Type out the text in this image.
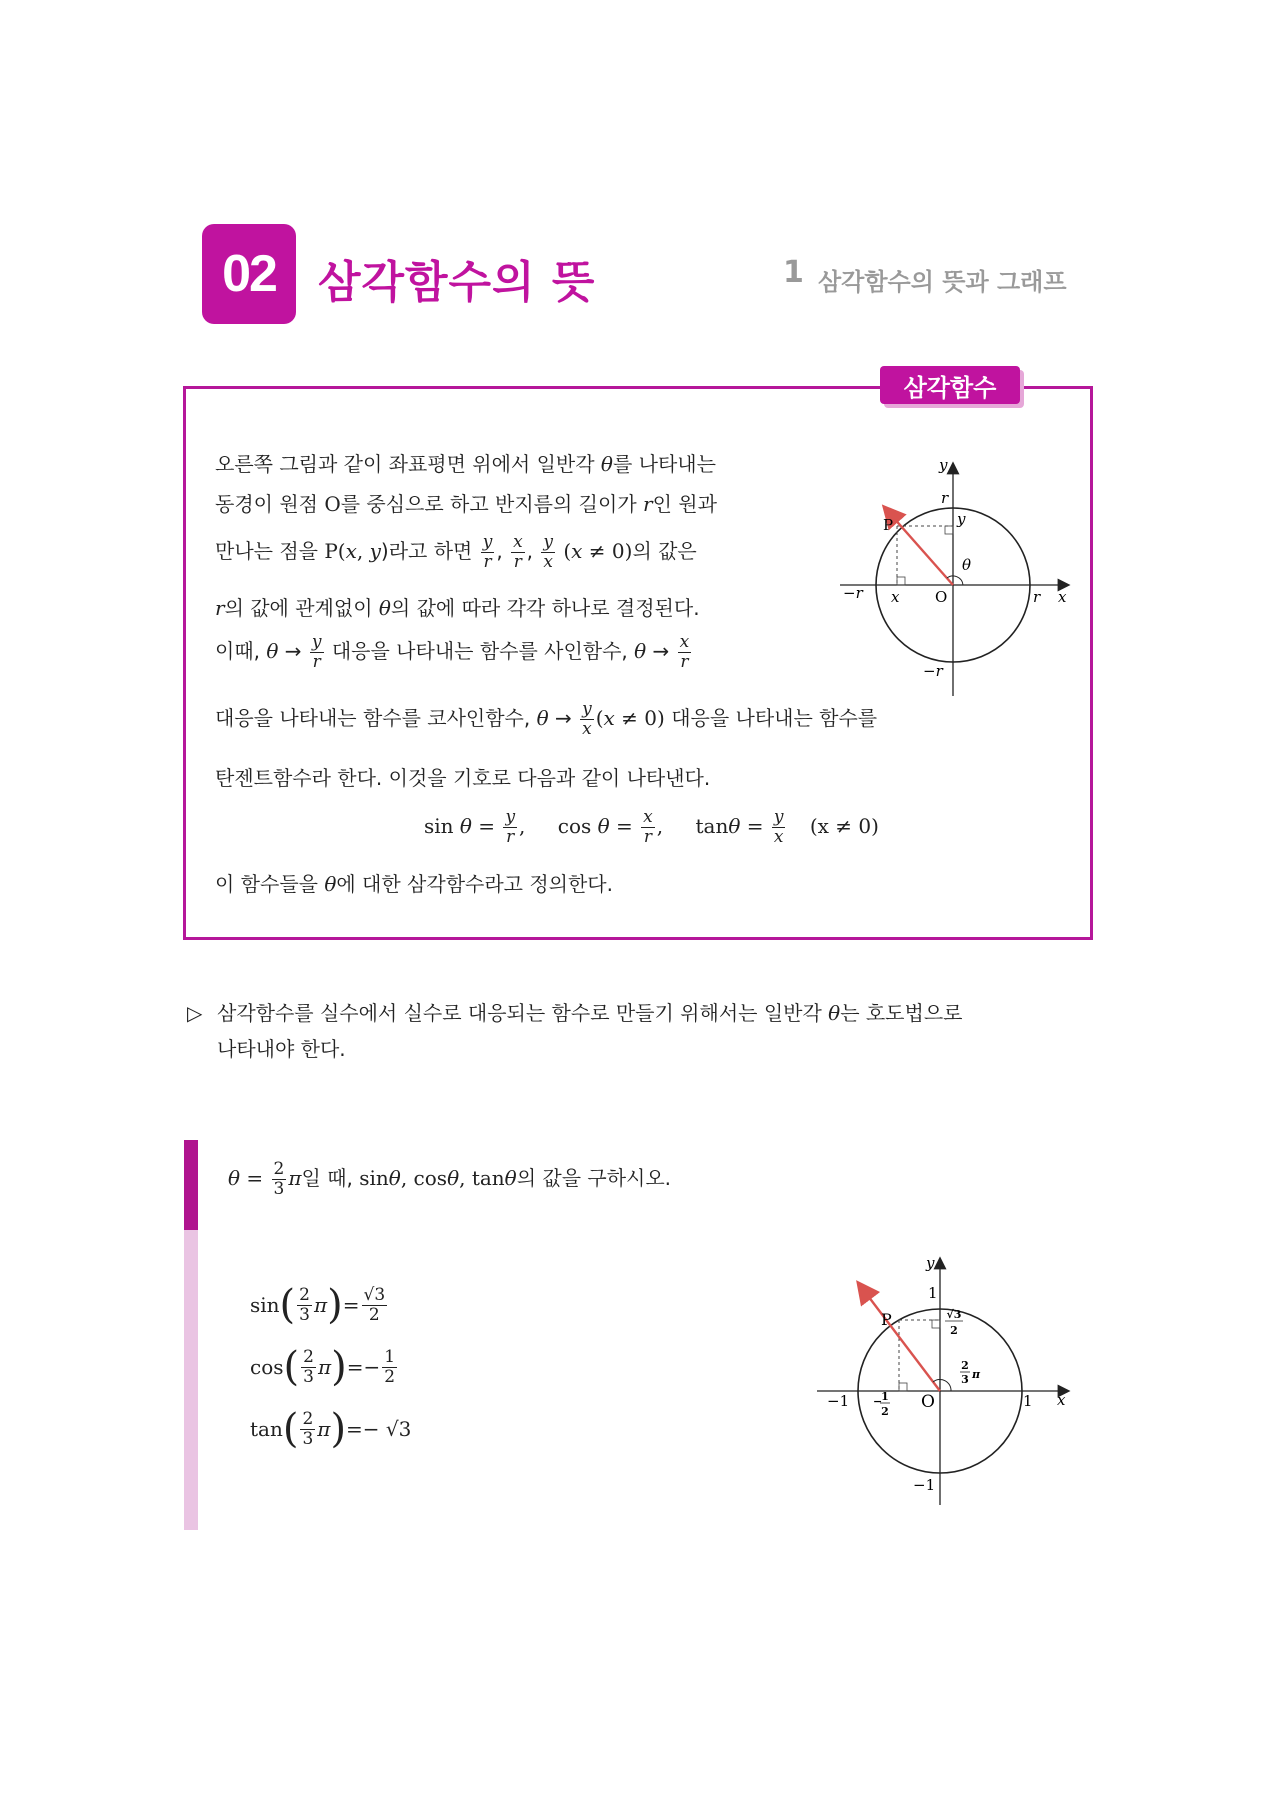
02 삼각함수의 뜻	1 삼각함수의 뜻과 그래프
삼각함수
오른쪽 그림과 같이 좌표평면 위에서 일반각 θ를 나타내는
동경이 원점 O를 중심으로 하고 반지름의 길이가 r인 원과
만나는 점을 P(x, y)라고 하면 $\frac{y}{r}$ , $\frac{x}{r}$ , $\frac{y}{x} (x \ne 0)$의 값은
r의 값에 관계없이 θ의 값에 따라 각각 하나로 결정된다.
이때, $\theta \to \frac{y}{r}$ 대응을 나타내는 함수를 사인함수, $\theta \to \frac{x}{r}$
대응을 나타내는 함수를 코사인함수, $\theta \to \frac{y}{x} (x \ne 0)$ 대응을 나타내는 함수를
탄젠트함수라 한다. 이것을 기호로 다음과 같이 나타낸다.
$\sin \theta = \frac{y}{r}$ , $\cos \theta = \frac{x}{r}$ , $\tan\theta = \frac{y}{x} (x \ne 0)$
이 함수들을 θ에 대한 삼각함수라고 정의한다.
y
x
O
P
r
r
−r
−r
x
y
θ
▷ 삼각함수를 실수에서 실수로 대응되는 함수로 만들기 위해서는 일반각 θ는 호도법으로
나타내야 한다.
$\theta = \frac{2}{3}$ π일 때, sinθ, cosθ, tanθ의 값을 구하시오.
sin ( $\frac{2}{3}$ π ) = $\frac{√3}{2}$
cos ( $\frac{2}{3}$ π ) =− $\frac{1}{2}$
tan ( $\frac{2}{3}$ π ) =− √3
y
x
O
P
1
1
−1
−1
−
1
2
√3
2
2
3 π
